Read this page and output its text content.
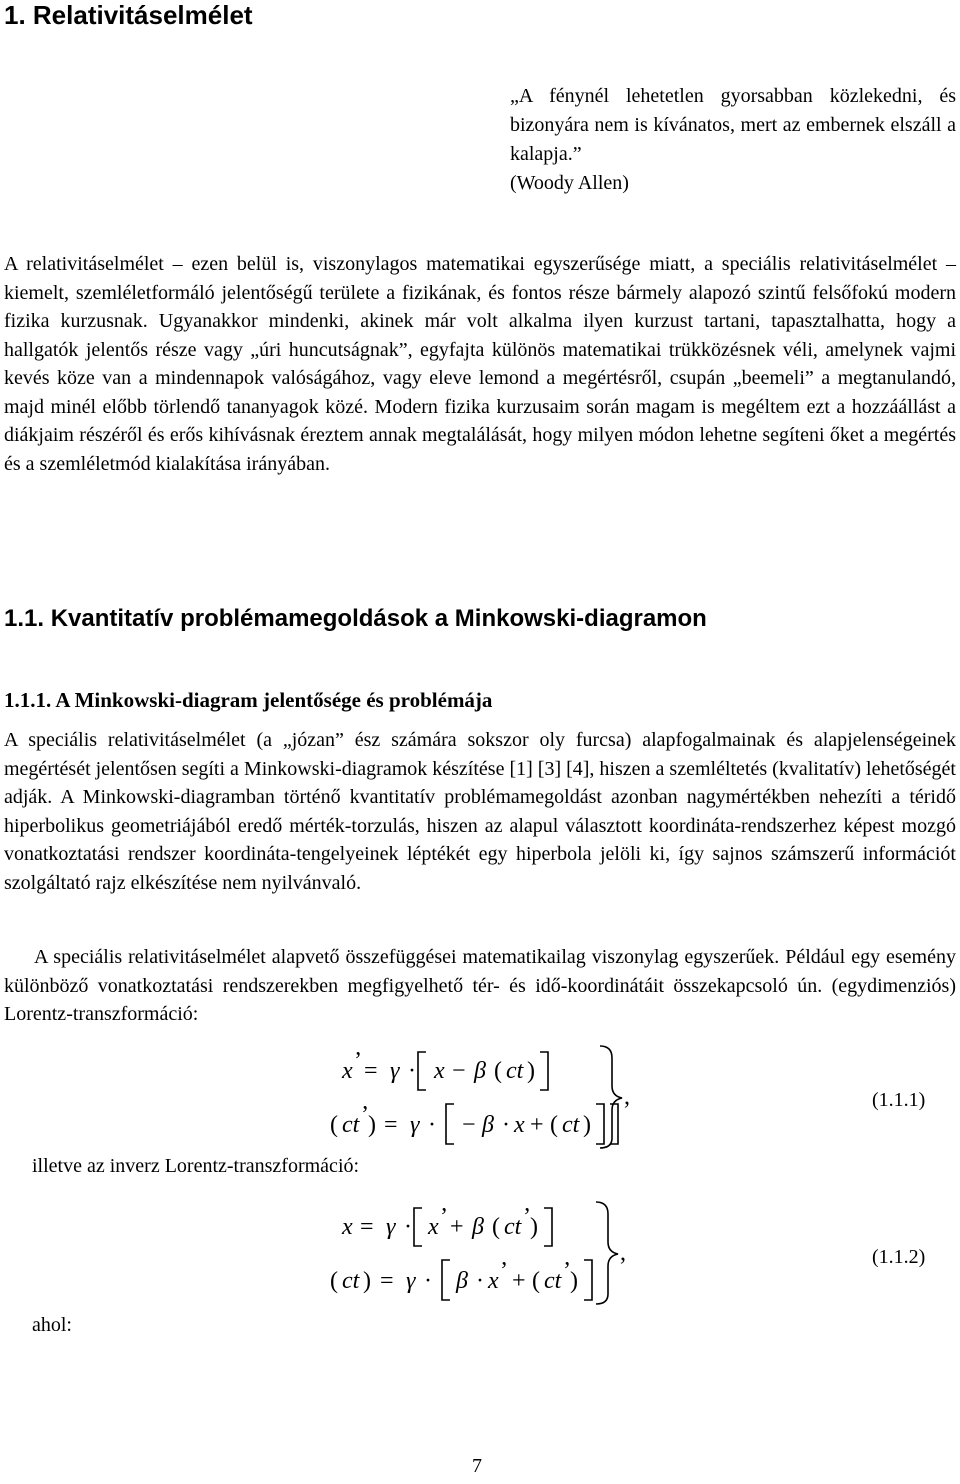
1. Relativitáselmélet

„A fénynél lehetetlen gyorsabban közlekedni, és bizonyára nem is kívánatos, mert az embernek elszáll a kalapja.”

(Woody Allen)

A relativitáselmélet – ezen belül is, viszonylagos matematikai egyszerűsége miatt, a speciális relativitáselmélet – kiemelt, szemléletformáló jelentőségű területe a fizikának, és fontos része bármely alapozó szintű felsőfokú modern fizika kurzusnak. Ugyanakkor mindenki, akinek már volt alkalma ilyen kurzust tartani, tapasztalhatta, hogy a hallgatók jelentős része vagy „úri huncutságnak”, egyfajta különös matematikai trükközésnek véli, amelynek vajmi kevés köze van a mindennapok valóságához, vagy eleve lemond a megértésről, csupán „beemeli” a megtanulandó, majd minél előbb törlendő tananyagok közé. Modern fizika kurzusaim során magam is megéltem ezt a hozzáállást a diákjaim részéről és erős kihívásnak éreztem annak megtalálását, hogy milyen módon lehetne segíteni őket a megértés és a szemléletmód kialakítása irányában.

1.1. Kvantitatív problémamegoldások a Minkowski-diagramon
1.1.1. A Minkowski-diagram jelentősége és problémája

A speciális relativitáselmélet (a „józan” ész számára sokszor oly furcsa) alapfogalmainak és alapjelenségeinek megértését jelentősen segíti a Minkowski-diagramok készítése [1] [3] [4], hiszen a szemléltetés (kvalitatív) lehetőségét adják. A Minkowski-diagramban történő kvantitatív problémamegoldást azonban nagymértékben nehezíti a téridő hiperbolikus geometriájából eredő mérték-torzulás, hiszen az alapul választott koordináta-rendszerhez képest mozgó vonatkoztatási rendszer koordináta-tengelyeinek léptékét egy hiperbola jelöli ki, így sajnos számszerű információt szolgáltató rajz elkészítése nem nyilvánvaló.

A speciális relativitáselmélet alapvető összefüggései matematikailag viszonylag egyszerűek. Például egy esemény különböző vonatkoztatási rendszerekben megfigyelhető tér- és idő-koordinátáit összekapcsoló ún. (egydimenziós) Lorentz-transzformáció:

x ’ = γ · x − β ( ct )
( ct ’ ) = γ · − β · x + ( ct )
,	(1.1.1)
illetve az inverz Lorentz-transzformáció:
x = γ · x ’ + β ( ct ’ )
( ct ) = γ · β · x ’ + ( ct ’ )
,	(1.1.2)
ahol:
7
